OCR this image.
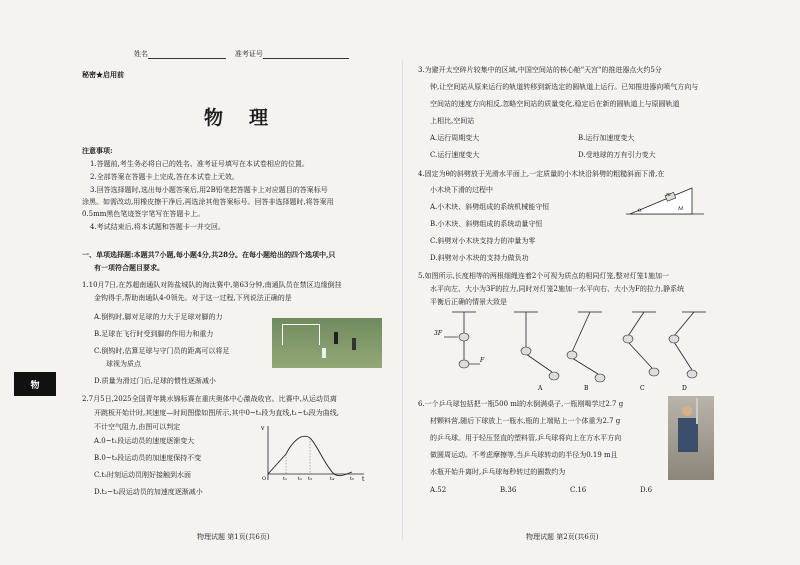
物
姓名	准考证号
秘密★启用前
物理
注意事项:
1.答题前,考生务必将自己的姓名、准考证号填写在本试卷相应的位置。
2.全部答案在答题卡上完成,答在本试卷上无效。
3.回答选择题时,选出每小题答案后,用2B铅笔把答题卡上对应题目的答案标号
涂黑。如需改动,用橡皮擦干净后,再选涂其他答案标号。回答非选择题时,将答案用
0.5mm黑色笔迹签字笔写在答题卡上。
4.考试结束后,将本试题和答题卡一并交回。
一、单项选择题:本题共7小题,每小题4分,共28分。在每小题给出的四个选项中,只
有一项符合题目要求。
1.10月7日,在苏超南通队对阵盐城队的淘汰赛中,第63分钟,南通队员在禁区边缘倒挂
金钩得手,帮助南通队4-0领先。对于这一过程,下列说法正确的是
A.倒钩时,脚对足球的力大于足球对脚的力
B.足球在飞行时受到脚的作用力和重力
C.倒钩时,估算足球与守门员的距离可以将足
球视为质点
D.质量为滑过门后,足球的惯性逐渐减小
2.7月5日,2025全国青年跳水锦标赛在重庆奥体中心激战收官。比赛中,从运动员离
开跳板开始计时,其速度—时间图像如图所示,其中0~t₁段为直线,t₁~t₃段为曲线,
不计空气阻力,由图可以判定
A.0~t₁段运动员的速度逐渐变大
B.0~t₂段运动员的加速度保持不变
C.t₂时刻运动员刚好接触到水面
D.t₂~t₃段运动员的加速度逐渐减小
v
t
O	t₁ t₂ t₃	t₄	t₅
物理试题 第1页(共6页)
3.为避开太空碎片较集中的区域,中国空间站的核心舱"天宫"的推进器点火约5分
钟,让空间站从原来运行的轨道转移到新选定的圆轨道上运行。已知推进器向喷气方向与
空间站的速度方向相反,忽略空间站的质量变化,稳定后在新的圆轨道上与原圆轨道
上相比,空间站
A.运行周期变大	B.运行加速度变大
C.运行速度变大	D.受地球的万有引力变大
4.固定为θ的斜劈放于光滑水平面上,一定质量的小木块沿斜劈的粗糙斜面下滑,在
小木块下滑的过程中
A.小木块、斜劈组成的系统机械能守恒
B.小木块、斜劈组成的系统动量守恒
C.斜劈对小木块支持力的冲量为零
D.斜劈对小木块的支持力做负功
m
M
θ
5.如图所示,长度相等的两根细绳连着2个可视为质点的相同灯笼,整对灯笼1施加一
水平向左、大小为3F的拉力,同时对灯笼2施加一水平向右、大小为F的拉力,静系统
平衡后正确的情景大致是
3F
F
A	B	C	D
6.一个乒乓球包括把一瓶500 ml的水倒满桌子,一瓶刚喝学过2.7 g
材颗料营,随后下球放上一瓶水,瓶的上端贴上一个体重为2.7 g
的乒乓球。用于轻压竖直的塑料管,乒乓球将向上在方水平方向
做圆周运动。不考虑摩擦等,当乒乓球转动的半径为0.19 m且
水瓶开始升离时,乒乓球每秒转过的圈数约为
A.52	B.36	C.16	D.6
物理试题 第2页(共6页)
